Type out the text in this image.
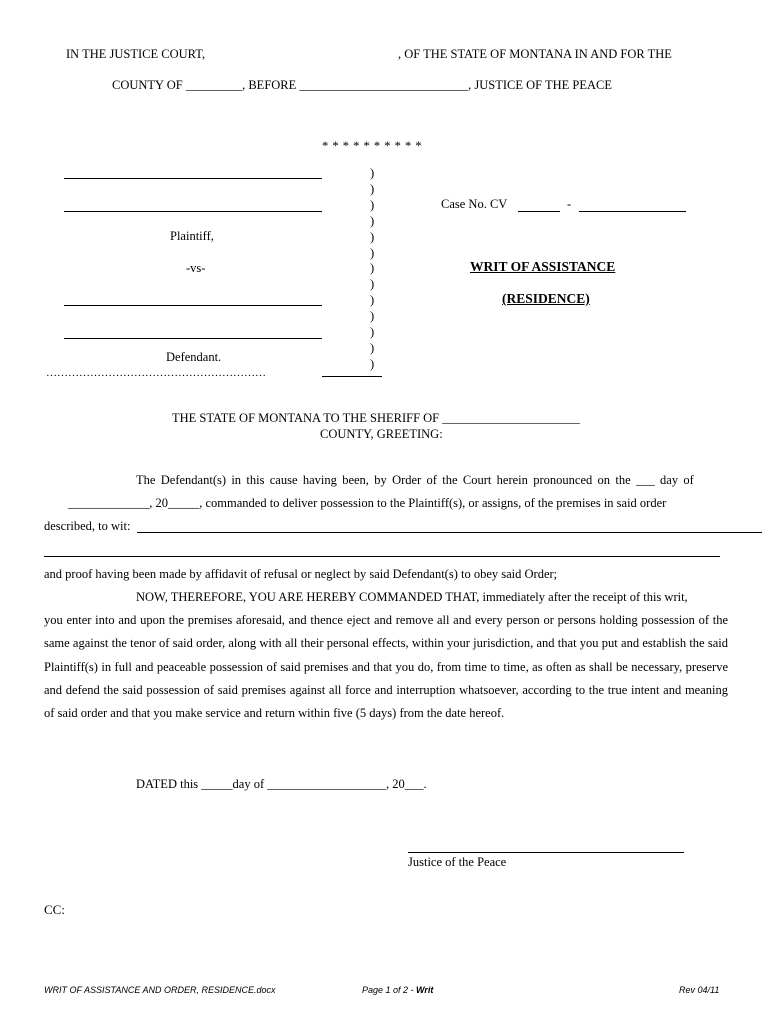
IN THE JUSTICE COURT,	, OF THE STATE OF MONTANA IN AND FOR THE
COUNTY OF _________, BEFORE ___________________________, JUSTICE OF THE PEACE
* * * * * * * * * *
Plaintiff,
-vs-
Defendant.
……………………………………………………
)
)
)
)
)
)
)
)
)
)
)
)
)
Case No. CV	-
WRIT OF ASSISTANCE
(RESIDENCE)
THE STATE OF MONTANA TO THE SHERIFF OF ______________________
COUNTY, GREETING:
The Defendant(s) in this cause having been, by Order of the Court herein pronounced on the ___ day of
_____________, 20_____, commanded to deliver possession to the Plaintiff(s), or assigns, of the premises in said order
described, to wit:
and proof having been made by affidavit of refusal or neglect by said Defendant(s) to obey said Order;
NOW, THEREFORE, YOU ARE HEREBY COMMANDED THAT, immediately after the receipt of this writ,
you enter into and upon the premises aforesaid, and thence eject and remove all and every person or persons holding possession of the same against the tenor of said order, along with all their personal effects, within your jurisdiction, and that you put and establish the said Plaintiff(s) in full and peaceable possession of said premises and that you do, from time to time, as often as shall be necessary, preserve and defend the said possession of said premises against all force and interruption whatsoever, according to the true intent and meaning of said order and that you make service and return within five (5 days) from the date hereof.
DATED this _____day of ___________________, 20___.
Justice of the Peace
CC:
WRIT OF ASSISTANCE AND ORDER, RESIDENCE.docx	Page 1 of 2 - Writ	Rev 04/11
